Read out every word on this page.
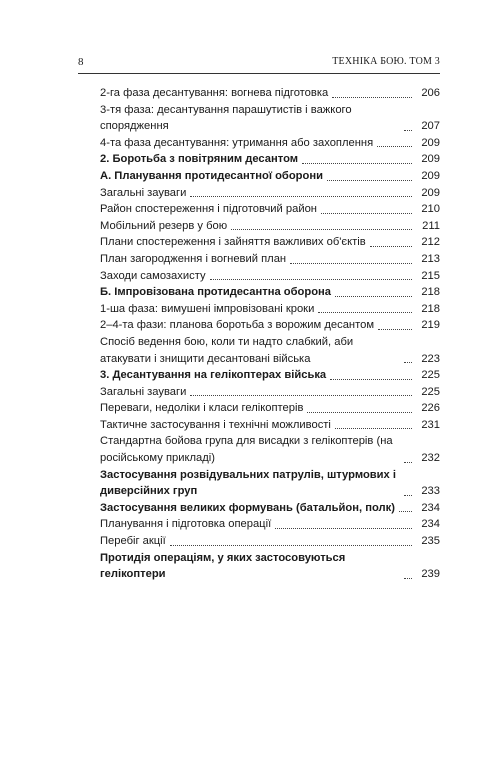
8	ТЕХНІКА БОЮ. ТОМ 3
2-га фаза десантування: вогнева підготовка	206
3-тя фаза: десантування парашутистів і важкого спорядження	207
4-та фаза десантування: утримання або захоплення	209
2. Боротьба з повітряним десантом	209
А. Планування протидесантної оборони	209
Загальні зауваги	209
Район спостереження і підготовчий район	210
Мобільний резерв у бою	211
Плани спостереження і зайняття важливих об'єктів	212
План загородження і вогневий план	213
Заходи самозахисту	215
Б. Імпровізована протидесантна оборона	218
1-ша фаза: вимушені імпровізовані кроки	218
2–4-та фази: планова боротьба з ворожим десантом	219
Спосіб ведення бою, коли ти надто слабкий, аби атакувати і знищити десантовані війська	223
3. Десантування на гелікоптерах війська	225
Загальні зауваги	225
Переваги, недоліки і класи гелікоптерів	226
Тактичне застосування і технічні можливості	231
Стандартна бойова група для висадки з гелікоптерів (на російському прикладі)	232
Застосування розвідувальних патрулів, штурмових і диверсійних груп	233
Застосування великих формувань (батальйон, полк) 234
Планування і підготовка операції	234
Перебіг акції	235
Протидія операціям, у яких застосовуються гелікоптери	239
